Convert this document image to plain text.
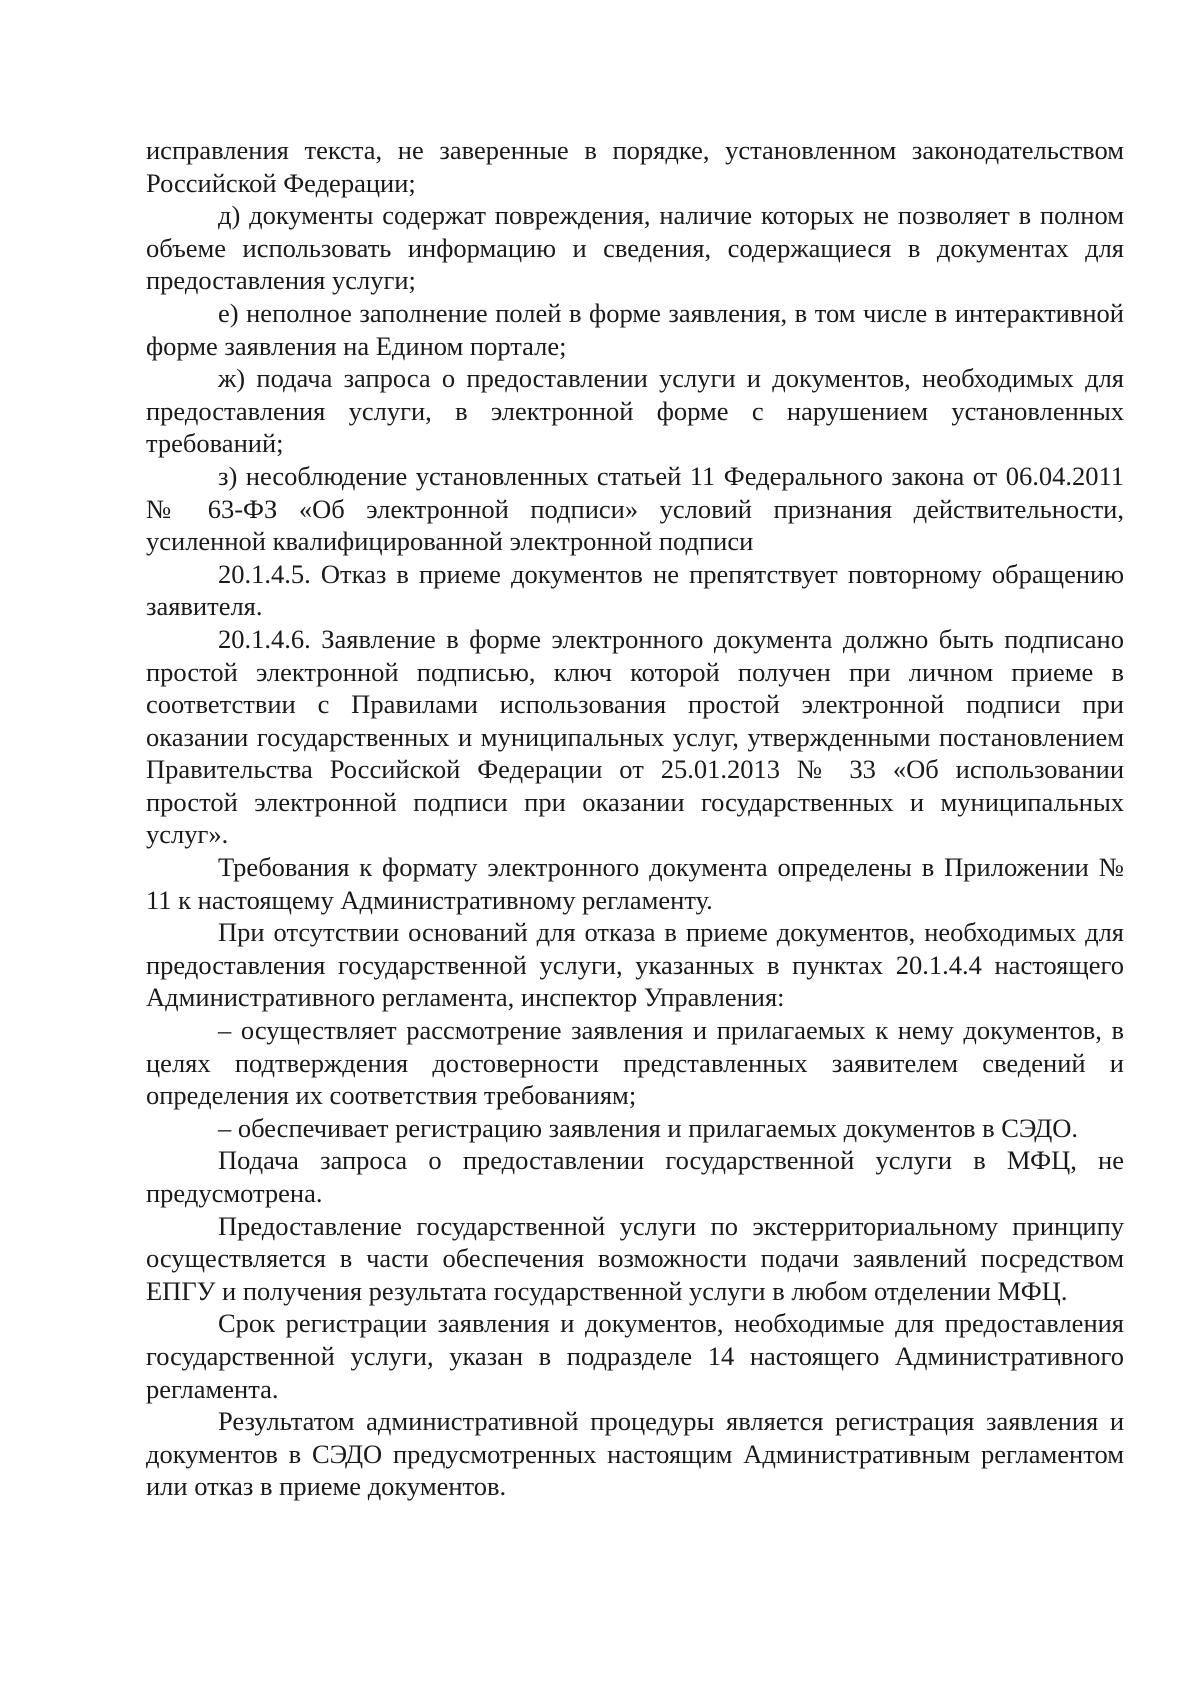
исправления текста, не заверенные в порядке, установленном законодательством Российской Федерации;

д) документы содержат повреждения, наличие которых не позволяет в полном объеме использовать информацию и сведения, содержащиеся в документах для предоставления услуги;

е) неполное заполнение полей в форме заявления, в том числе в интерактивной форме заявления на Едином портале;

ж) подача запроса о предоставлении услуги и документов, необходимых для предоставления услуги, в электронной форме с нарушением установленных требований;

з) несоблюдение установленных статьей 11 Федерального закона от 06.04.2011 № 63-ФЗ «Об электронной подписи» условий признания действительности, усиленной квалифицированной электронной подписи

20.1.4.5. Отказ в приеме документов не препятствует повторному обращению заявителя.

20.1.4.6. Заявление в форме электронного документа должно быть подписано простой электронной подписью, ключ которой получен при личном приеме в соответствии с Правилами использования простой электронной подписи при оказании государственных и муниципальных услуг, утвержденными постановлением Правительства Российской Федерации от 25.01.2013 № 33 «Об использовании простой электронной подписи при оказании государственных и муниципальных услуг».

Требования к формату электронного документа определены в Приложении № 11 к настоящему Административному регламенту.

При отсутствии оснований для отказа в приеме документов, необходимых для предоставления государственной услуги, указанных в пунктах 20.1.4.4 настоящего Административного регламента, инспектор Управления:

– осуществляет рассмотрение заявления и прилагаемых к нему документов, в целях подтверждения достоверности представленных заявителем сведений и определения их соответствия требованиям;

– обеспечивает регистрацию заявления и прилагаемых документов в СЭДО.

Подача запроса о предоставлении государственной услуги в МФЦ, не предусмотрена.

Предоставление государственной услуги по экстерриториальному принципу осуществляется в части обеспечения возможности подачи заявлений посредством ЕПГУ и получения результата государственной услуги в любом отделении МФЦ.

Срок регистрации заявления и документов, необходимые для предоставления государственной услуги, указан в подразделе 14 настоящего Административного регламента.

Результатом административной процедуры является регистрация заявления и документов в СЭДО предусмотренных настоящим Административным регламентом или отказ в приеме документов.
